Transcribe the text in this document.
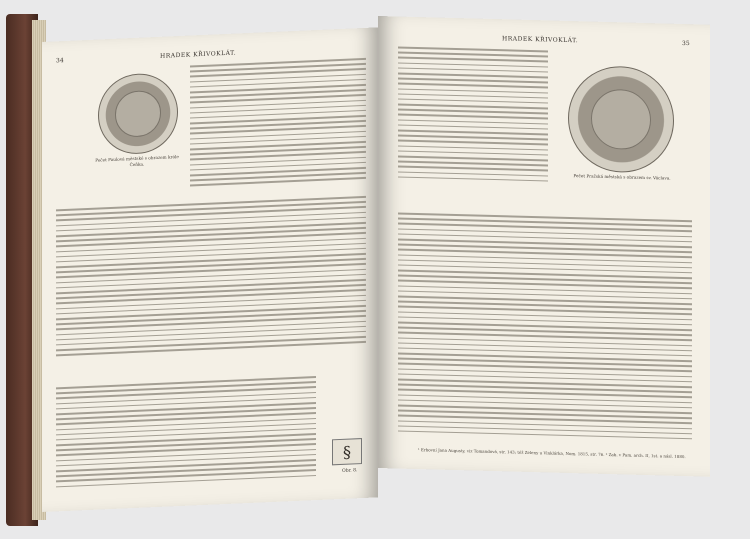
34
HRADEK KŘIVOKLÁT.
Pečet Paulová městské s obrazem krále Čeňka.
§
Obr. 8.
HRADEK KŘIVOKLÁT.	35
Pečet Pražská městská s obrazem sv. Václava.
¹ Erbovní Jana Augusty, viz Tomandová, str. 143; též Zeleny u Vinklárka, Nom. 1815, str. 76. ² Zab. v Pam. arch. II, 1st. a násl. 1880.
